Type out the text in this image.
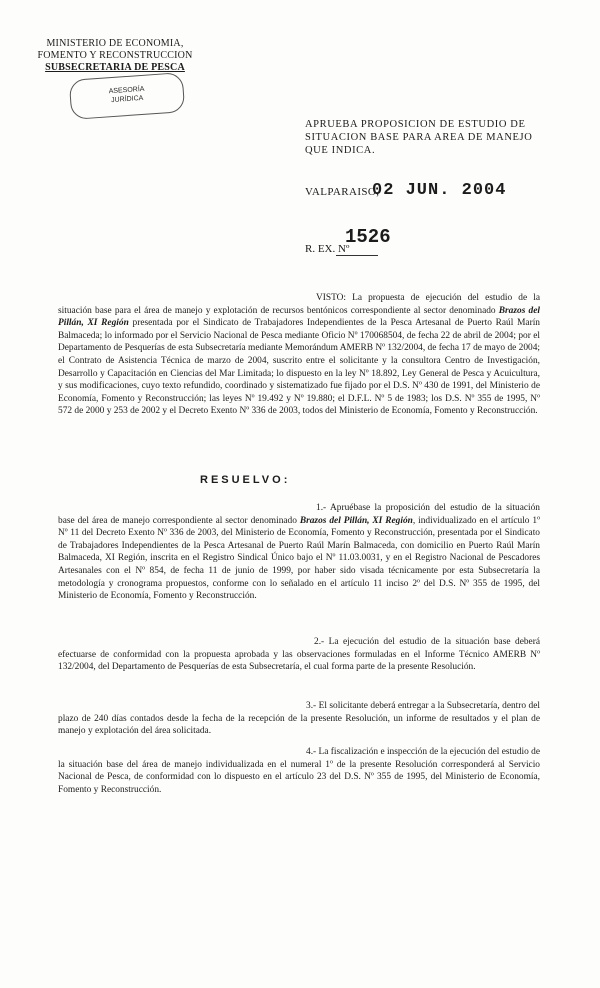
MINISTERIO DE ECONOMIA,
FOMENTO Y RECONSTRUCCION
SUBSECRETARIA DE PESCA
ASESORÍA
JURÍDICA
APRUEBA PROPOSICION DE ESTUDIO DE SITUACION BASE PARA AREA DE MANEJO QUE INDICA.
VALPARAISO,
02 JUN. 2004
R. EX. Nº
1526
VISTO: La propuesta de ejecución del estudio de la situación base para el área de manejo y explotación de recursos bentónicos correspondiente al sector denominado Brazos del Pillán, XI Región presentada por el Sindicato de Trabajadores Independientes de la Pesca Artesanal de Puerto Raúl Marín Balmaceda; lo informado por el Servicio Nacional de Pesca mediante Oficio Nº 170068504, de fecha 22 de abril de 2004; por el Departamento de Pesquerías de esta Subsecretaría mediante Memorándum AMERB Nº 132/2004, de fecha 17 de mayo de 2004; el Contrato de Asistencia Técnica de marzo de 2004, suscrito entre el solicitante y la consultora Centro de Investigación, Desarrollo y Capacitación en Ciencias del Mar Limitada; lo dispuesto en la ley Nº 18.892, Ley General de Pesca y Acuicultura, y sus modificaciones, cuyo texto refundido, coordinado y sistematizado fue fijado por el D.S. Nº 430 de 1991, del Ministerio de Economía, Fomento y Reconstrucción; las leyes Nº 19.492 y Nº 19.880; el D.F.L. Nº 5 de 1983; los D.S. Nº 355 de 1995, Nº 572 de 2000 y 253 de 2002 y el Decreto Exento Nº 336 de 2003, todos del Ministerio de Economía, Fomento y Reconstrucción.
RESUELVO:
1.- Apruébase la proposición del estudio de la situación base del área de manejo correspondiente al sector denominado Brazos del Pillán, XI Región, individualizado en el artículo 1º Nº 11 del Decreto Exento Nº 336 de 2003, del Ministerio de Economía, Fomento y Reconstrucción, presentada por el Sindicato de Trabajadores Independientes de la Pesca Artesanal de Puerto Raúl Marín Balmaceda, con domicilio en Puerto Raúl Marín Balmaceda, XI Región, inscrita en el Registro Sindical Único bajo el Nº 11.03.0031, y en el Registro Nacional de Pescadores Artesanales con el Nº 854, de fecha 11 de junio de 1999, por haber sido visada técnicamente por esta Subsecretaría la metodología y cronograma propuestos, conforme con lo señalado en el artículo 11 inciso 2º del D.S. Nº 355 de 1995, del Ministerio de Economía, Fomento y Reconstrucción.
2.- La ejecución del estudio de la situación base deberá efectuarse de conformidad con la propuesta aprobada y las observaciones formuladas en el Informe Técnico AMERB Nº 132/2004, del Departamento de Pesquerías de esta Subsecretaría, el cual forma parte de la presente Resolución.
3.- El solicitante deberá entregar a la Subsecretaría, dentro del plazo de 240 días contados desde la fecha de la recepción de la presente Resolución, un informe de resultados y el plan de manejo y explotación del área solicitada.
4.- La fiscalización e inspección de la ejecución del estudio de la situación base del área de manejo individualizada en el numeral 1º de la presente Resolución corresponderá al Servicio Nacional de Pesca, de conformidad con lo dispuesto en el artículo 23 del D.S. Nº 355 de 1995, del Ministerio de Economía, Fomento y Reconstrucción.
